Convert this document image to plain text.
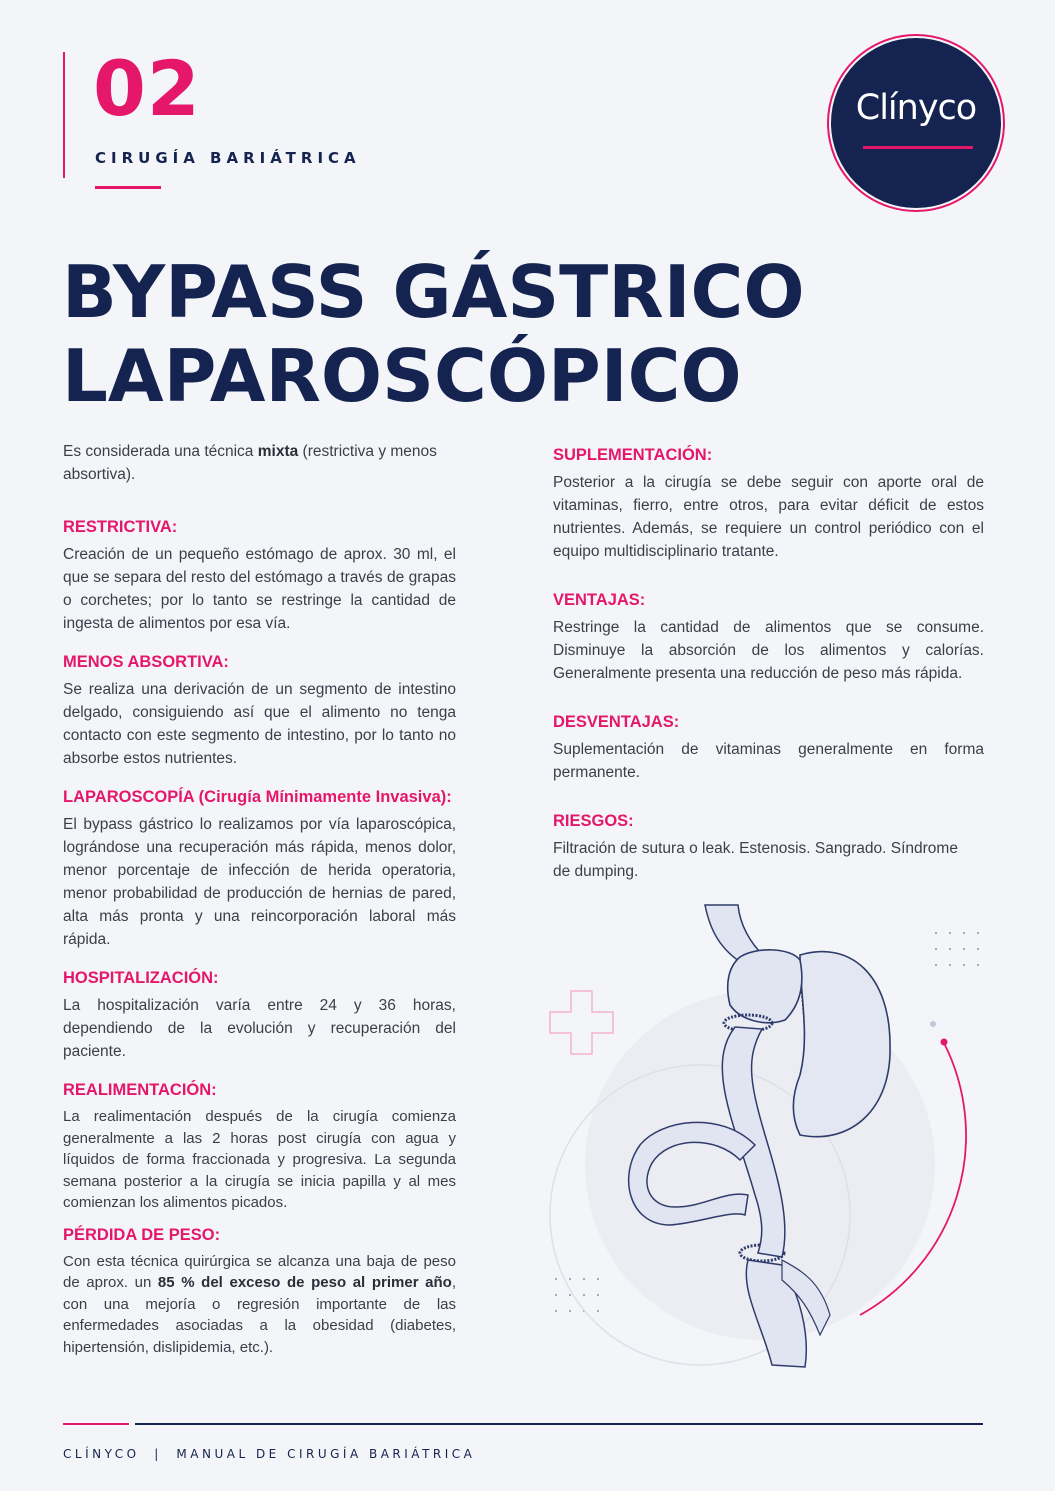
02
CIRUGÍA BARIÁTRICA
Clínyco
BYPASS GÁSTRICO
LAPAROSCÓPICO

Es considerada una técnica mixta (restrictiva y menos absortiva).

RESTRICTIVA:

Creación de un pequeño estómago de aprox. 30 ml, el que se separa del resto del estómago a través de grapas o corchetes; por lo tanto se restringe la cantidad de ingesta de alimentos por esa vía.

MENOS ABSORTIVA:

Se realiza una derivación de un segmento de intestino delgado, consiguiendo así que el alimento no tenga contacto con este segmento de intestino, por lo tanto no absorbe estos nutrientes.

LAPAROSCOPÍA (Cirugía Mínimamente Invasiva):

El bypass gástrico lo realizamos por vía laparoscópica, lográndose una recuperación más rápida, menos dolor, menor porcentaje de infección de herida operatoria, menor probabilidad de producción de hernias de pared, alta más pronta y una reincorporación laboral más rápida.

HOSPITALIZACIÓN:

La hospitalización varía entre 24 y 36 horas, dependiendo de la evolución y recuperación del paciente.

REALIMENTACIÓN:

La realimentación después de la cirugía comienza generalmente a las 2 horas post cirugía con agua y líquidos de forma fraccionada y progresiva. La segunda semana posterior a la cirugía se inicia papilla y al mes comienzan los alimentos picados.

PÉRDIDA DE PESO:

Con esta técnica quirúrgica se alcanza una baja de peso de aprox. un 85 % del exceso de peso al primer año, con una mejoría o regresión importante de las enfermedades asociadas a la obesidad (diabetes, hipertensión, dislipidemia, etc.).

SUPLEMENTACIÓN:

Posterior a la cirugía se debe seguir con aporte oral de vitaminas, fierro, entre otros, para evitar déficit de estos nutrientes. Además, se requiere un control periódico con el equipo multidisciplinario tratante.

VENTAJAS:

Restringe la cantidad de alimentos que se consume. Disminuye la absorción de los alimentos y calorías. Generalmente presenta una reducción de peso más rápida.

DESVENTAJAS:

Suplementación de vitaminas generalmente en forma permanente.

RIESGOS:

Filtración de sutura o leak. Estenosis. Sangrado. Síndrome de dumping.

CLÍNYCO | MANUAL DE CIRUGÍA BARIÁTRICA
